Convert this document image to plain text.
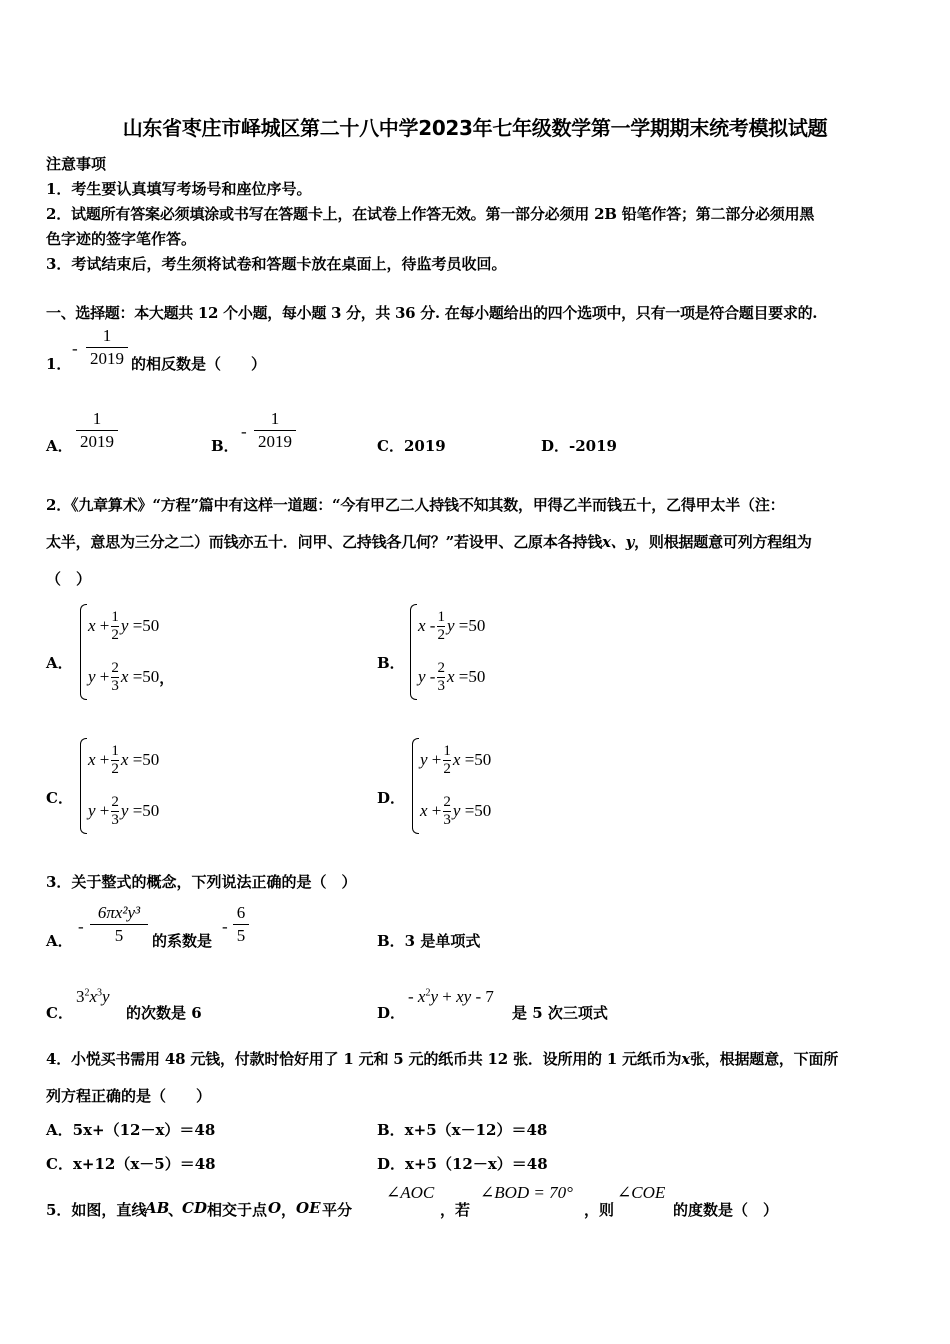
山东省枣庄市峄城区第二十八中学2023年七年级数学第一学期期末统考模拟试题
注意事项
1．考生要认真填写考场号和座位序号。
2．试题所有答案必须填涂或书写在答题卡上，在试卷上作答无效。第一部分必须用 2B 铅笔作答；第二部分必须用黑
色字迹的签字笔作答。
3．考试结束后，考生须将试卷和答题卡放在桌面上，待监考员收回。
一、选择题：本大题共 12 个小题，每小题 3 分，共 36 分. 在每小题给出的四个选项中，只有一项是符合题目要求的.
1．
-
1
2019 的相反数是（　　）
A．
1
2019	B．
-
1
2019	C．2019	D．-2019
2．《九章算术》“方程”篇中有这样一道题：“今有甲乙二人持钱不知其数，甲得乙半而钱五十，乙得甲太半（注：
太半，意思为三分之二）而钱亦五十．问甲、乙持钱各几何？”若设甲、乙原本各持钱x、y，则根据题意可列方程组为
（　）
A．
x + 1
2 y
=50
y + 2
3 x
=50 ，
B．
x - 1
2 y
=50
y - 2
3 x
=50
C．
x + 1
2 x
=50
y + 2
3 y
=50
D．
y + 1
2 x
=50
x + 2
3 y
=50
3．关于整式的概念，下列说法正确的是（　）
A．
-
6πx²y³
5	的系数是
-
6
5	B．3 是单项式
C．
$3^2x^3y$
的次数是 6	D．
- $x^2y$ + xy - 7
是 5 次三项式
4．小悦买书需用 48 元钱，付款时恰好用了 1 元和 5 元的纸币共 12 张．设所用的 1 元纸币为x张，根据题意，下面所
列方程正确的是（　　）
A．5x+（12－x）＝48	B．x+5（x－12）＝48
C．x+12（x－5）＝48	D．x+5（12－x）＝48
5．如图，直线
AB
、
CD 相交于点 O ， OE 平分
∠AOC
，若
∠BOD = 70°
，则
∠COE
的度数是（　）
